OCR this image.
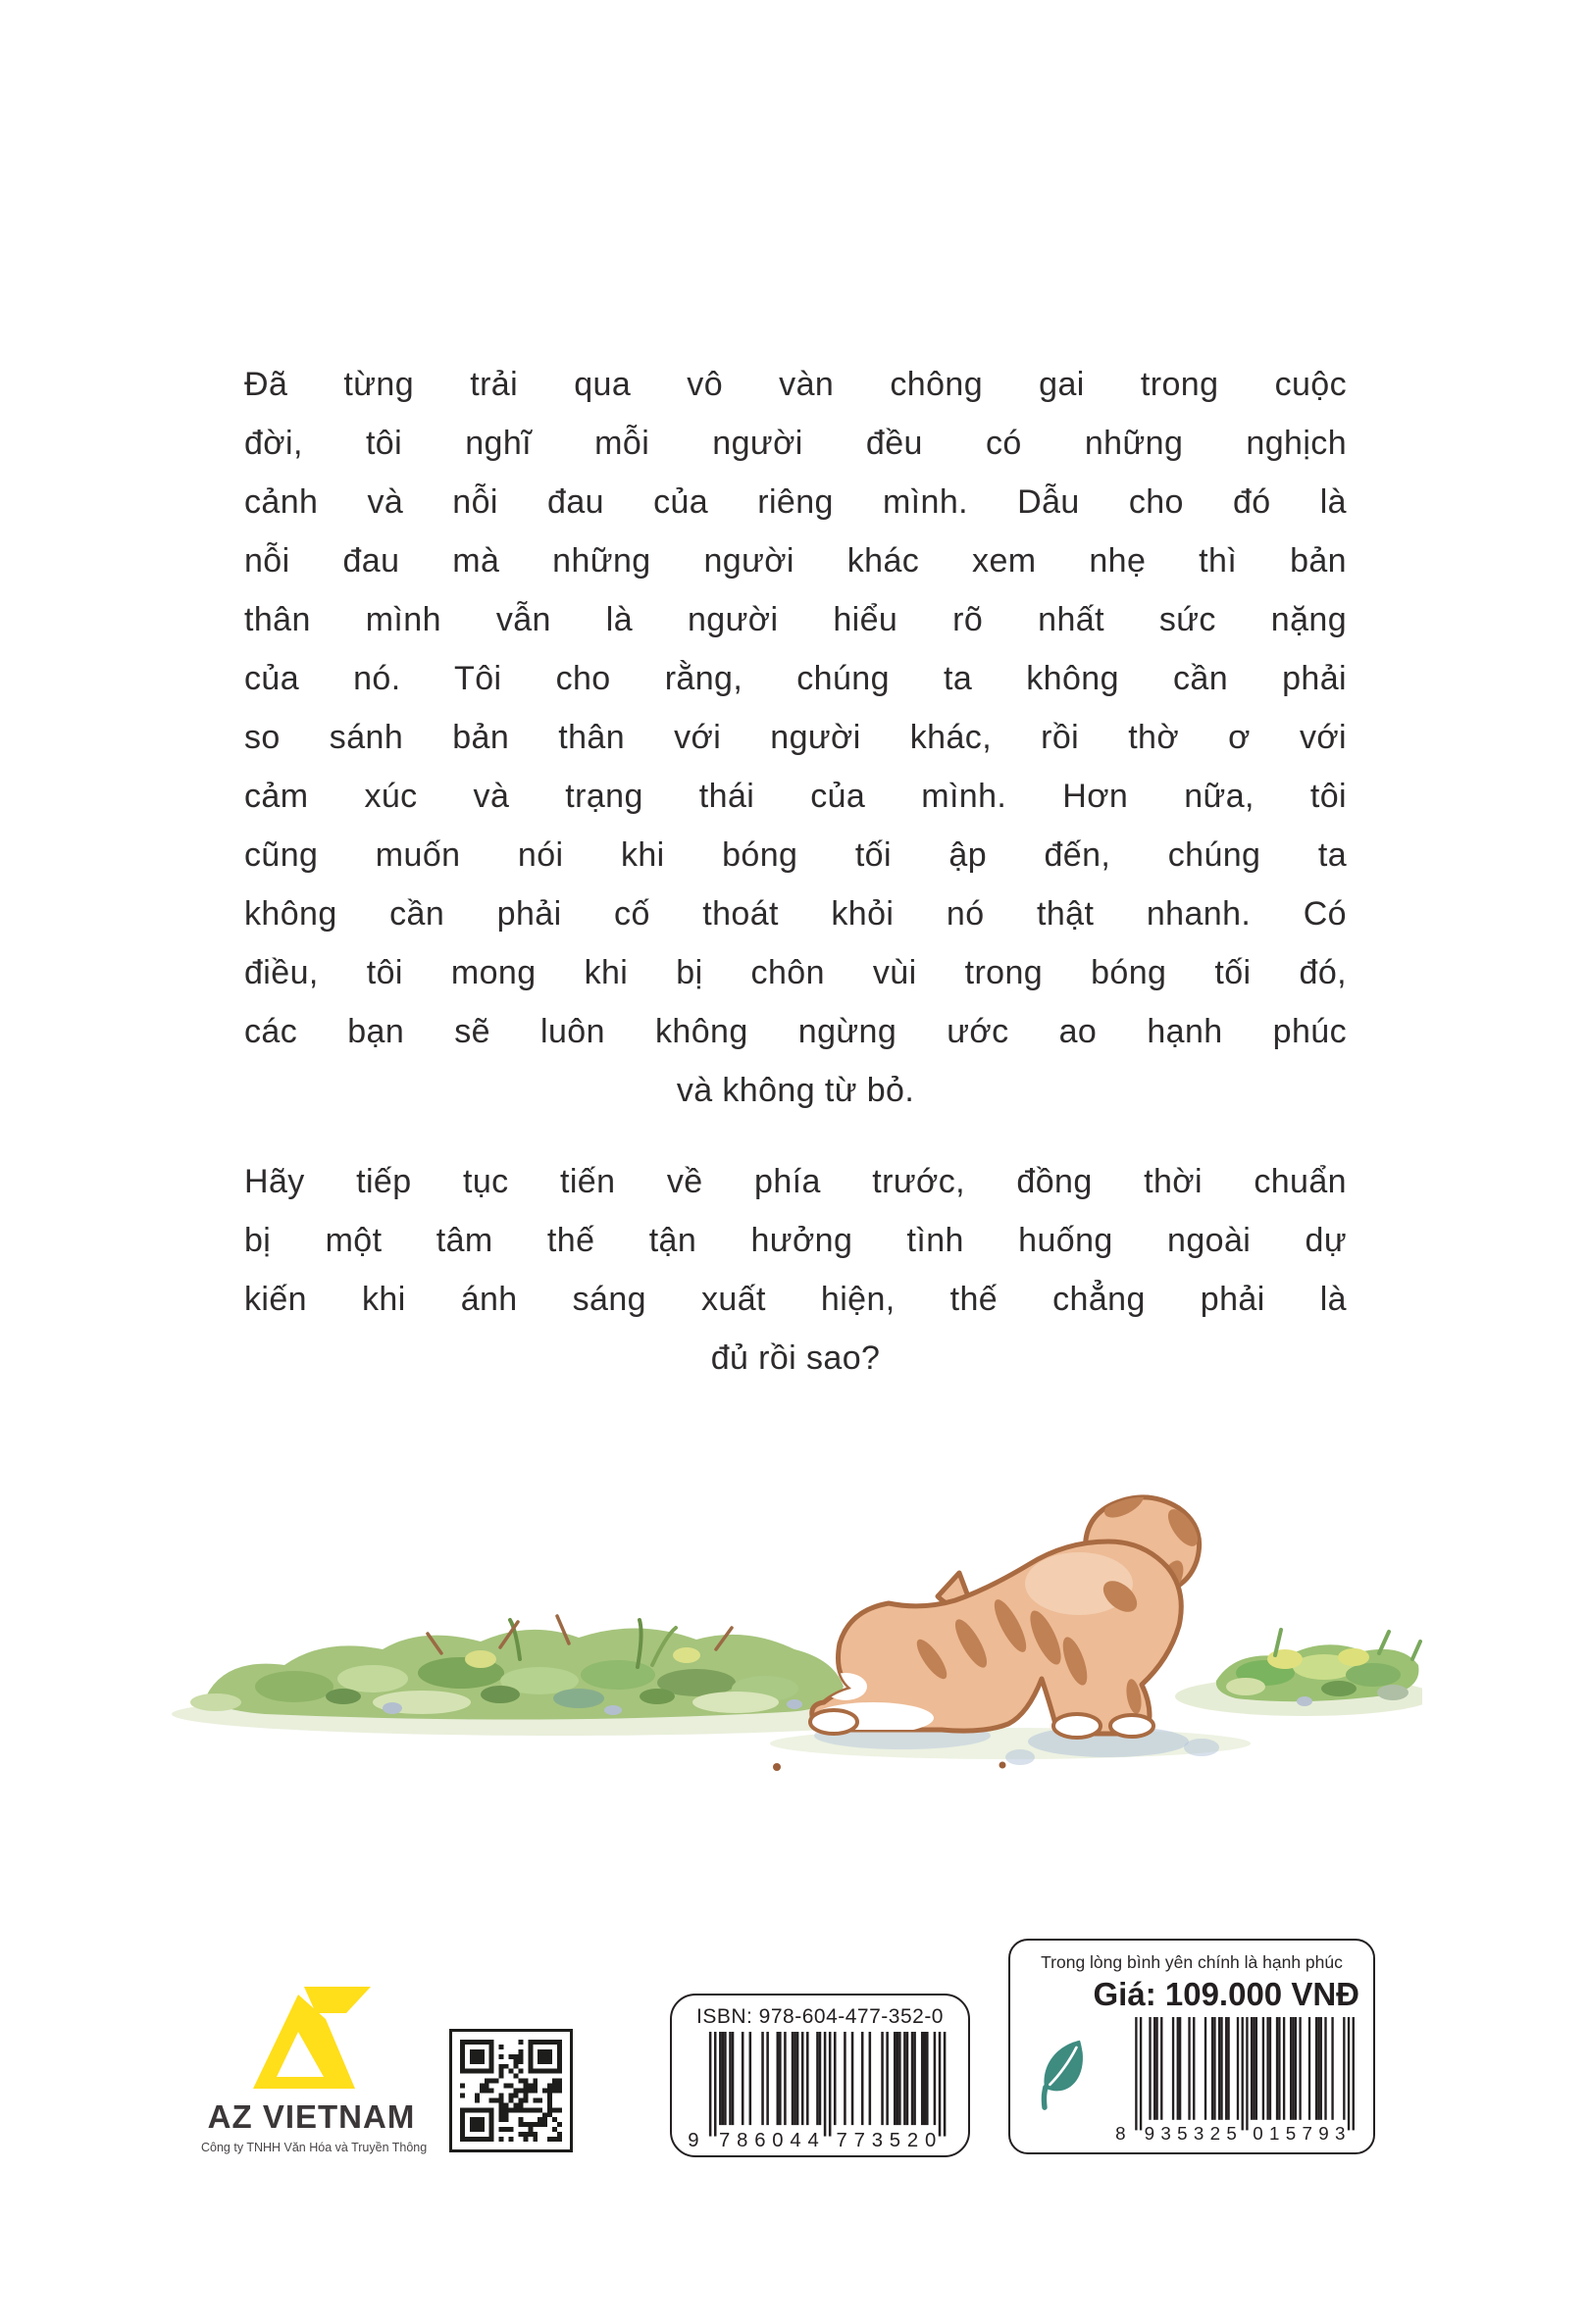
Đã từng trải qua vô vàn chông gai trong cuộc
đời, tôi nghĩ mỗi người đều có những nghịch
cảnh và nỗi đau của riêng mình. Dẫu cho đó là
nỗi đau mà những người khác xem nhẹ thì bản
thân mình vẫn là người hiểu rõ nhất sức nặng
của nó. Tôi cho rằng, chúng ta không cần phải
so sánh bản thân với người khác, rồi thờ ơ với
cảm xúc và trạng thái của mình. Hơn nữa, tôi
cũng muốn nói khi bóng tối ập đến, chúng ta
không cần phải cố thoát khỏi nó thật nhanh. Có
điều, tôi mong khi bị chôn vùi trong bóng tối đó,
các bạn sẽ luôn không ngừng ước ao hạnh phúc
và không từ bỏ.
Hãy tiếp tục tiến về phía trước, đồng thời chuẩn
bị một tâm thế tận hưởng tình huống ngoài dự
kiến khi ánh sáng xuất hiện, thế chẳng phải là
đủ rồi sao?
AZ VIETNAM
Công ty TNHH Văn Hóa và Truyền Thông
ISBN: 978-604-477-352-0
9 786044 773520
Trong lòng bình yên chính là hạnh phúc
Giá: 109.000 VNĐ
8 935325 015793
